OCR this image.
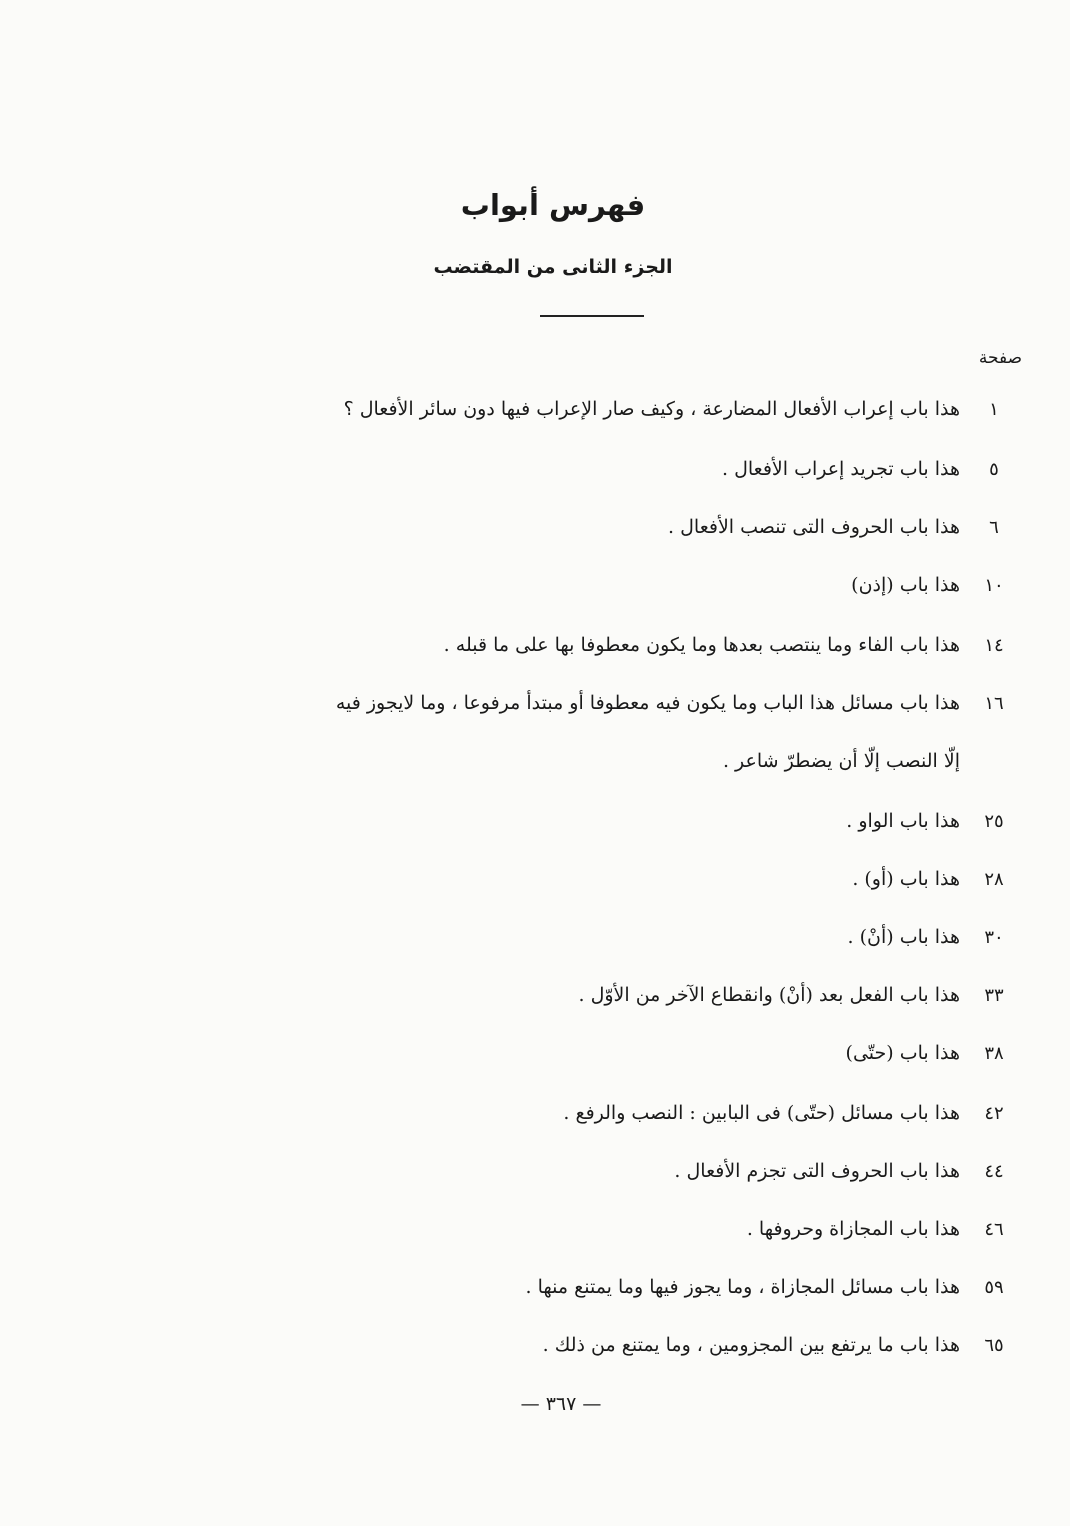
فهرس أبواب
الجزء الثانى من المقتضب
صفحة
١
هذا باب إعراب الأفعال المضارعة ، وكيف صار الإعراب فيها دون سائر الأفعال ؟
٥
هذا باب تجريد إعراب الأفعال .
٦
هذا باب الحروف التى تنصب الأفعال .
١٠
هذا باب (إذن)
١٤
هذا باب الفاء وما ينتصب بعدها وما يكون معطوفا بها على ما قبله .
١٦
هذا باب مسائل هذا الباب وما يكون فيه معطوفا أو مبتدأ مرفوعا ، وما لايجوز فيه
إلّا النصب إلّا أن يضطرّ شاعر .
٢٥
هذا باب الواو .
٢٨
هذا باب (أو) .
٣٠
هذا باب (أنْ) .
٣٣
هذا باب الفعل بعد (أنْ) وانقطاع الآخر من الأوّل .
٣٨
هذا باب (حتّى)
٤٢
هذا باب مسائل (حتّى) فى البابين : النصب والرفع .
٤٤
هذا باب الحروف التى تجزم الأفعال .
٤٦
هذا باب المجازاة وحروفها .
٥٩
هذا باب مسائل المجازاة ، وما يجوز فيها وما يمتنع منها .
٦٥
هذا باب ما يرتفع بين المجزومين ، وما يمتنع من ذلك .
— ٣٦٧ —
